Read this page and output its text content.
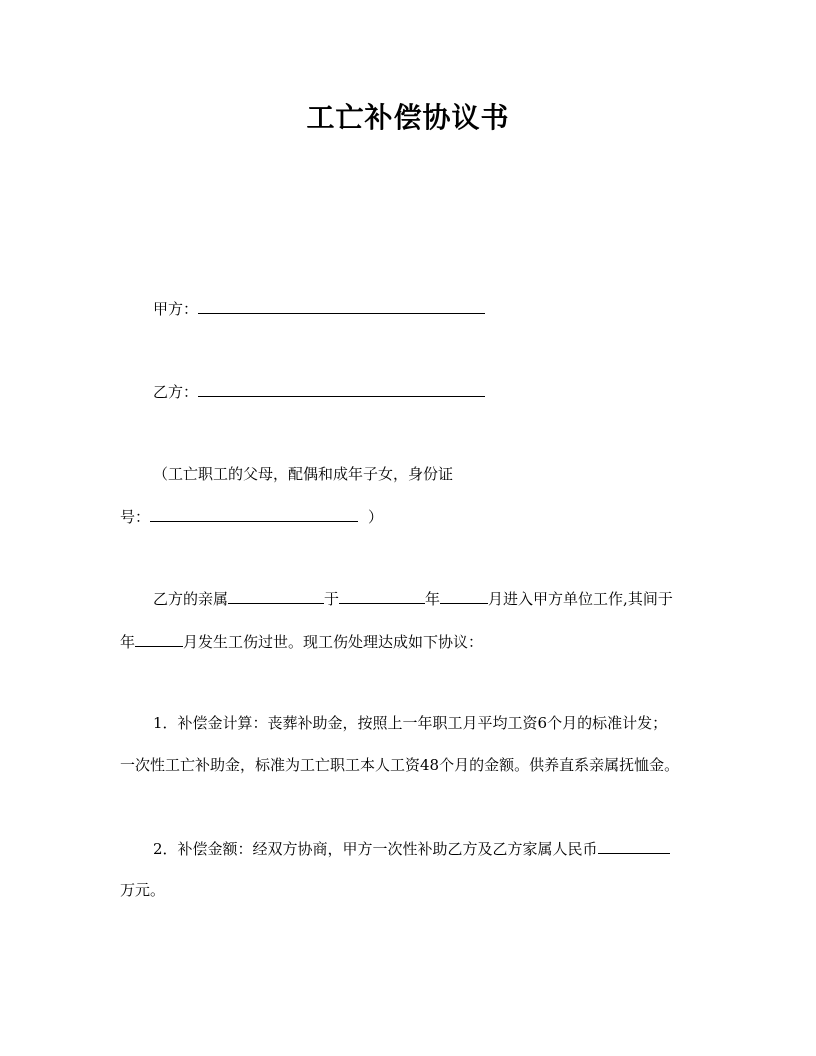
工亡补偿协议书
甲方：
乙方：
（工亡职工的父母，配偶和成年子女，身份证
号：	）
乙方的亲属	于	年	月进入甲方单位工作,其间于
年	月发生工伤过世。现工伤处理达成如下协议：
1．补偿金计算：丧葬补助金，按照上一年职工月平均工资6个月的标准计发；
一次性工亡补助金，标准为工亡职工本人工资48个月的金额。供养直系亲属抚恤金。
2．补偿金额：经双方协商，甲方一次性补助乙方及乙方家属人民币
万元。
